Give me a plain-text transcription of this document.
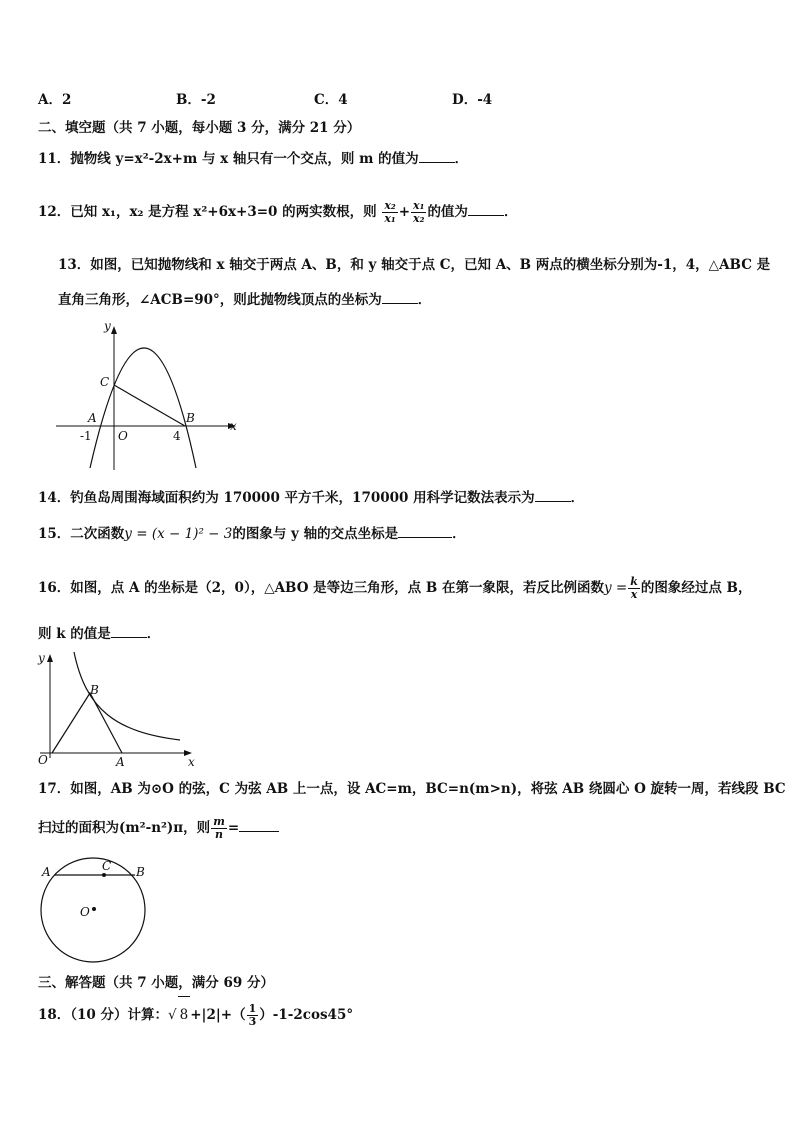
A．2	B．-2	C．4	D．-4
二、填空题（共 7 小题，每小题 3 分，满分 21 分）
11．抛物线 y=x²-2x+m 与 x 轴只有一个交点，则 m 的值为	．
12．已知 x₁，x₂ 是方程 x²+6x+3=0 的两实数根，则 $\frac{\text{x₂}}{\text{x₁}} + \frac{\text{x₁}}{\text{x₂}}$ 的值为	．
13．如图，已知抛物线和 x 轴交于两点 A、B，和 y 轴交于点 C，已知 A、B 两点的横坐标分别为-1，4，△ABC 是
直角三角形，∠ACB=90°，则此抛物线顶点的坐标为	．
y
x
C
A	B
-1 O	4
14．钓鱼岛周围海域面积约为 170000 平方千米，170000 用科学记数法表示为	．
15．二次函数y = (x − 1)² − 3的图象与 y 轴的交点坐标是	．
16．如图，点 A 的坐标是（2，0），△ABO 是等边三角形，点 B 在第一象限，若反比例函数$y = \frac{k}{x}$ 的图象经过点 B，
则 k 的值是	．
y
B
O	A	x
17．如图，AB 为⊙O 的弦，C 为弦 AB 上一点，设 AC=m，BC=n(m>n)，将弦 AB 绕圆心 O 旋转一周，若线段 BC
扫过的面积为(m²-n²)π，则 $\frac{m}{n}$ =
A	C B
O
三、解答题（共 7 小题，满分 69 分）
18．（10 分）计算：√ $8 +|2|+( \frac{1}{3} )-1-2\cos 45^\circ$
